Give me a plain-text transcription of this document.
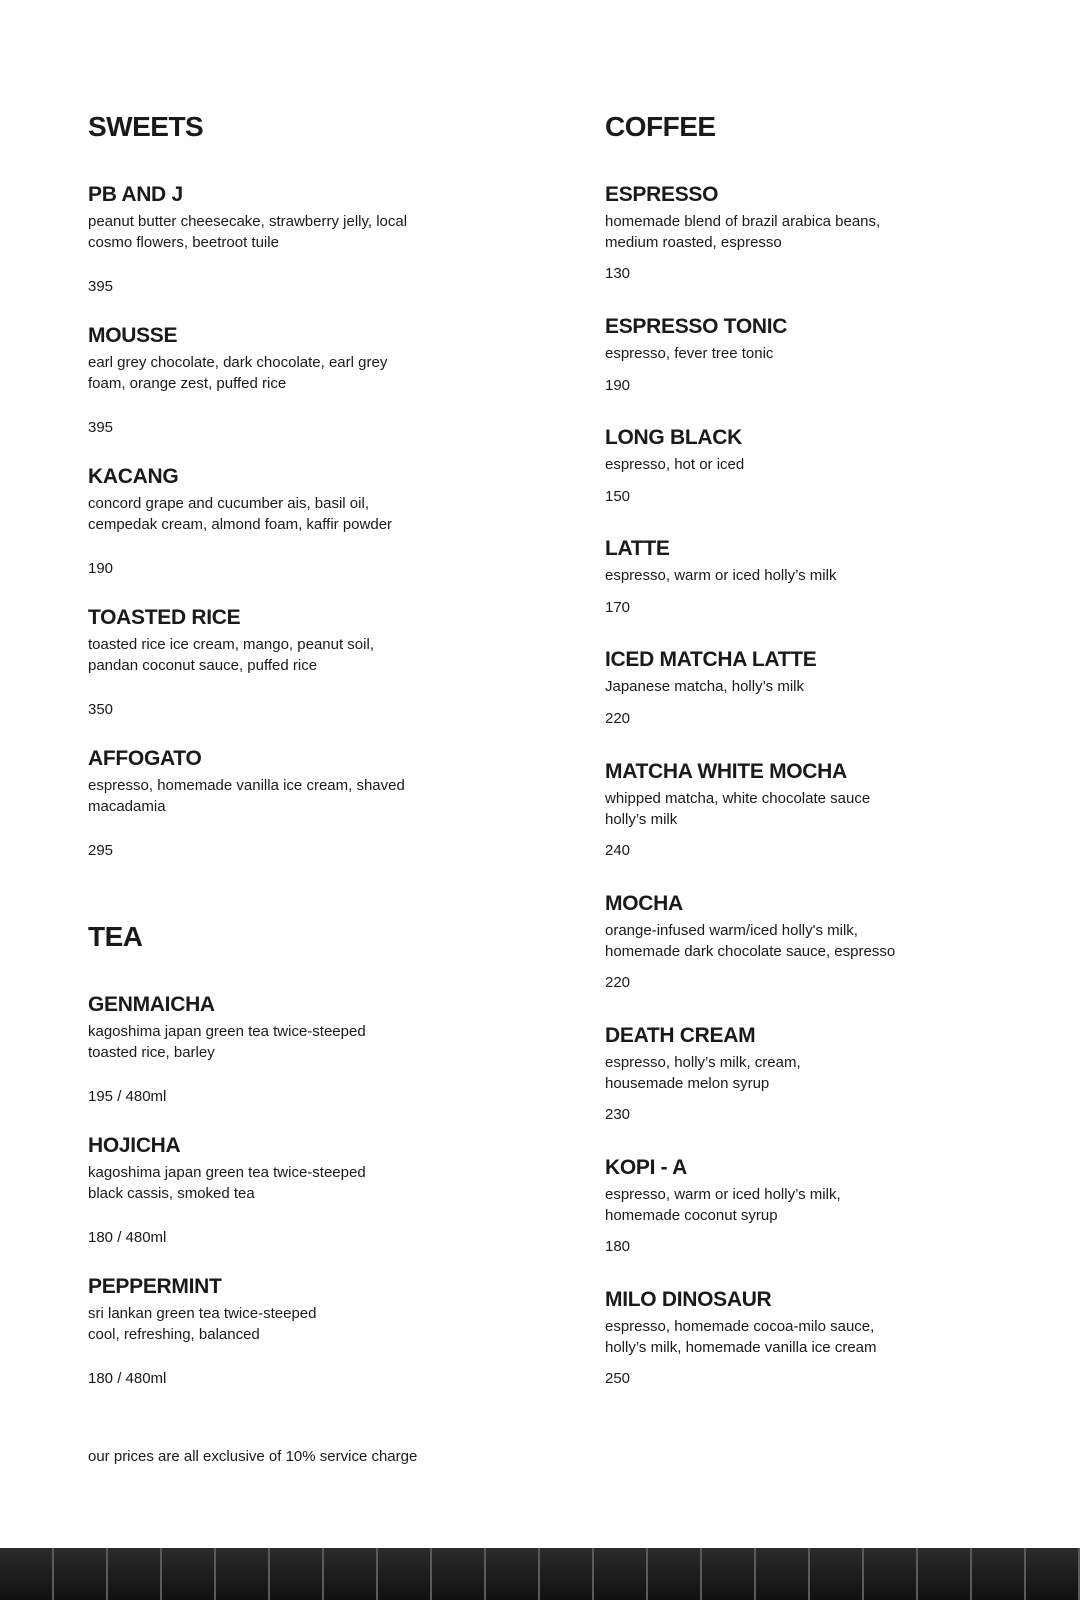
SWEETS
PB AND J

peanut butter cheesecake, strawberry jelly, local
cosmo flowers, beetroot tuile

395
MOUSSE

earl grey chocolate, dark chocolate, earl grey
foam, orange zest, puffed rice

395
KACANG

concord grape and cucumber ais, basil oil,
cempedak cream, almond foam, kaffir powder

190
TOASTED RICE

toasted rice ice cream, mango, peanut soil,
pandan coconut sauce, puffed rice

350
AFFOGATO

espresso, homemade vanilla ice cream, shaved
macadamia

295
TEA
GENMAICHA

kagoshima japan green tea twice-steeped
toasted rice, barley

195 / 480ml
HOJICHA

kagoshima japan green tea twice-steeped
black cassis, smoked tea

180 / 480ml
PEPPERMINT

sri lankan green tea twice-steeped
cool, refreshing, balanced

180 / 480ml
COFFEE
ESPRESSO

homemade blend of brazil arabica beans,
medium roasted, espresso

130
ESPRESSO TONIC

espresso, fever tree tonic

190
LONG BLACK

espresso, hot or iced

150
LATTE

espresso, warm or iced holly’s milk

170
ICED MATCHA LATTE

Japanese matcha, holly’s milk

220
MATCHA WHITE MOCHA

whipped matcha, white chocolate sauce
holly’s milk

240
MOCHA

orange-infused warm/iced holly's milk,
homemade dark chocolate sauce, espresso

220
DEATH CREAM

espresso, holly’s milk, cream,
housemade melon syrup

230
KOPI - A

espresso, warm or iced holly’s milk,
homemade coconut syrup

180
MILO DINOSAUR

espresso, homemade cocoa-milo sauce,
holly’s milk, homemade vanilla ice cream

250
our prices are all exclusive of 10% service charge
